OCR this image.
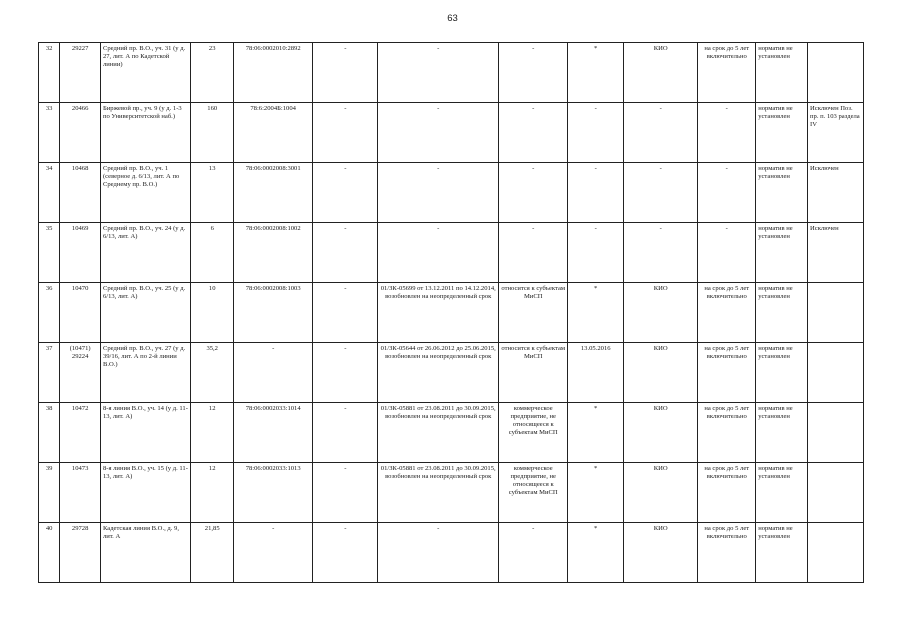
63
32	29227	Средний пр. В.О., уч. 31 (у д. 27, лит. А по Кадетской линии)	23	78:06:0002010:2892	-	-	-	*	КИО	на срок до 5 лет включительно	норматив не установлен	
33	20466	Биржевой пр., уч. 9 (у д. 1-3 по Университетской наб.)	160	78:6:2004Б:1004	-	-	-	-	-	-	норматив не установлен	Исключен Поз. пр. п. 103 раздела IV
34	10468	Средний пр. В.О., уч. 1 (северное д. 6/13, лит. А по Среднему пр. В.О.)	13	78:06:0002008:3001	-	-	-	-	-	-	норматив не установлен	Исключен
35	10469	Средний пр. В.О., уч. 24 (у д. 6/13, лит. А)	6	78:06:0002008:1002	-	-	-	-	-	-	норматив не установлен	Исключен
36	10470	Средний пр. В.О., уч. 25 (у д. 6/13, лит. А)	10	78:06:0002008:1003	-	01/ЗК-05699 от 13.12.2011 по 14.12.2014, возобновлен на неопределенный срок	относится к субъектам МиСП	*	КИО	на срок до 5 лет включительно	норматив не установлен	
37	(10471) 29224	Средний пр. В.О., уч. 27 (у д. 39/16, лит. А по 2-й линии В.О.)	35,2	-	-	01/ЗК-05644 от 26.06.2012 до 25.06.2015, возобновлен на неопределенный срок	относится к субъектам МиСП	13.05.2016	КИО	на срок до 5 лет включительно	норматив не установлен	
38	10472	8-я линия В.О., уч. 14 (у д. 11-13, лит. А)	12	78:06:0002033:1014	-	01/ЗК-05881 от 23.08.2011 до 30.09.2015, возобновлен на неопределенный срок	коммерческое предприятие, не относящееся к субъектам МиСП	*	КИО	на срок до 5 лет включительно	норматив не установлен	
39	10473	8-я линия В.О., уч. 15 (у д. 11-13, лит. А)	12	78:06:0002033:1013	-	01/ЗК-05881 от 23.08.2011 до 30.09.2015, возобновлен на неопределенный срок	коммерческое предприятие, не относящееся к субъектам МиСП	*	КИО	на срок до 5 лет включительно	норматив не установлен	
40	29728	Кадетская линия В.О., д. 9, лит. А	21,85	-	-	-	-	*	КИО	на срок до 5 лет включительно	норматив не установлен	
